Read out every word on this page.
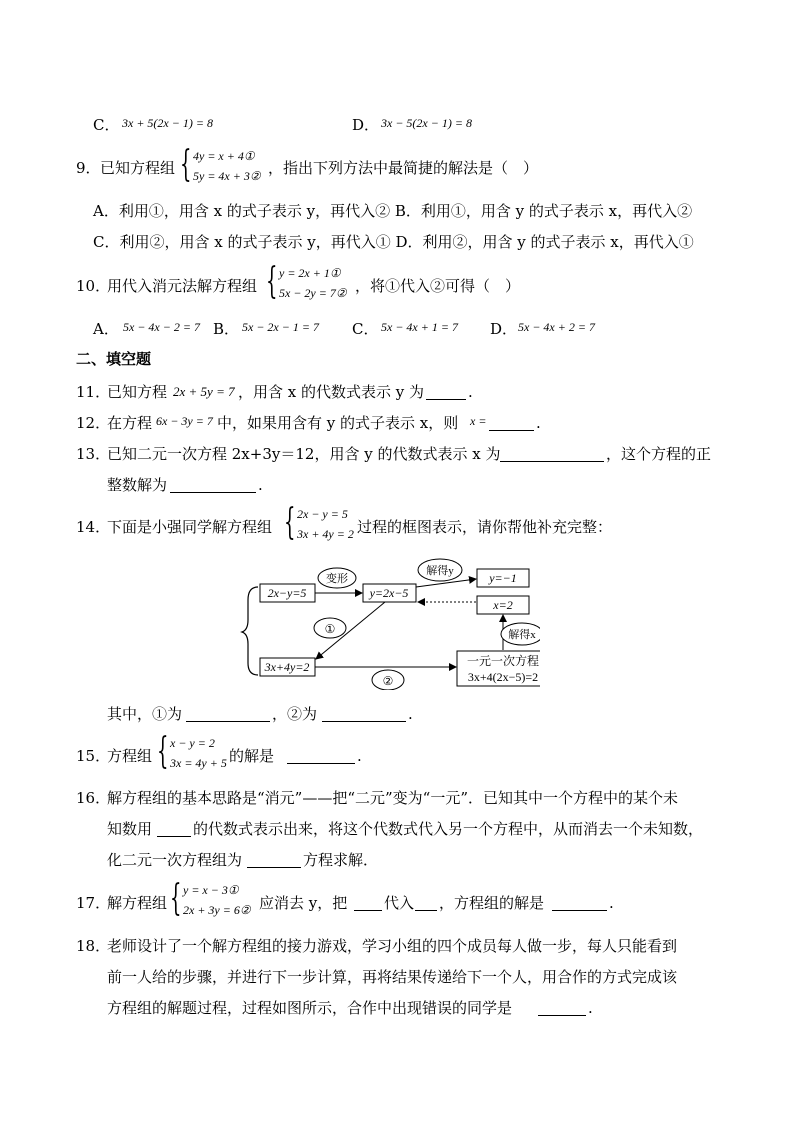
C． 3x + 5(2x − 1) = 8	D． 3x − 5(2x − 1) = 8
9． 已知方程组 { 4y = x + 4①
5y = 4x + 3② ，指出下列方法中最简捷的解法是（　）
A．利用①，用含 x 的式子表示 y，再代入② B．利用①，用含 y 的式子表示 x，再代入②
C．利用②，用含 x 的式子表示 y，再代入① D．利用②，用含 y 的式子表示 x，再代入①
10．
用代入消元法解方程组 { y = 2x + 1①
5x − 2y = 7② ，将①代入②可得（　）
A． 5x − 4x − 2 = 7 B． 5x − 2x − 1 = 7 C． 5x − 4x + 1 = 7 D． 5x − 4x + 2 = 7
二、填空题
11．
已知方程 2x + 5y = 7 ，用含 x 的代数式表示 y 为	.
12．
在方程 6x − 3y = 7 中，如果用含有 y 的式子表示 x，则 x =	.
13．
已知二元一次方程 2x+3y＝12，用含 y 的代数式表示 x 为	，这个方程的正
整数解为	.
14．
下面是小强同学解方程组 { 2x − y = 5
3x + 4y = 2 过程的框图表示，请你帮他补充完整：
2x−y=5	y=2x−5
3x+4y=2
y=−1
x=2
一元一次方程
3x+4(2x−5)=2
变形
解得y
①
②
解得x
其中，①为	，②为	.
15．
方程组 { x − y = 2
3x = 4y + 5 的解是	.
16．
解方程组的基本思路是“消元”——把“二元”变为“一元”．已知其中一个方程中的某个未
知数用	的代数式表示出来，将这个代数式代入另一个方程中，从而消去一个未知数，
化二元一次方程组为	方程求解．
17．
解方程组 { y = x − 3①
2x + 3y = 6② 应消去 y，把 代入 ，方程组的解是	.
18．
老师设计了一个解方程组的接力游戏，学习小组的四个成员每人做一步，每人只能看到
前一人给的步骤，并进行下一步计算，再将结果传递给下一个人，用合作的方式完成该
方程组的解题过程，过程如图所示，合作中出现错误的同学是	.
